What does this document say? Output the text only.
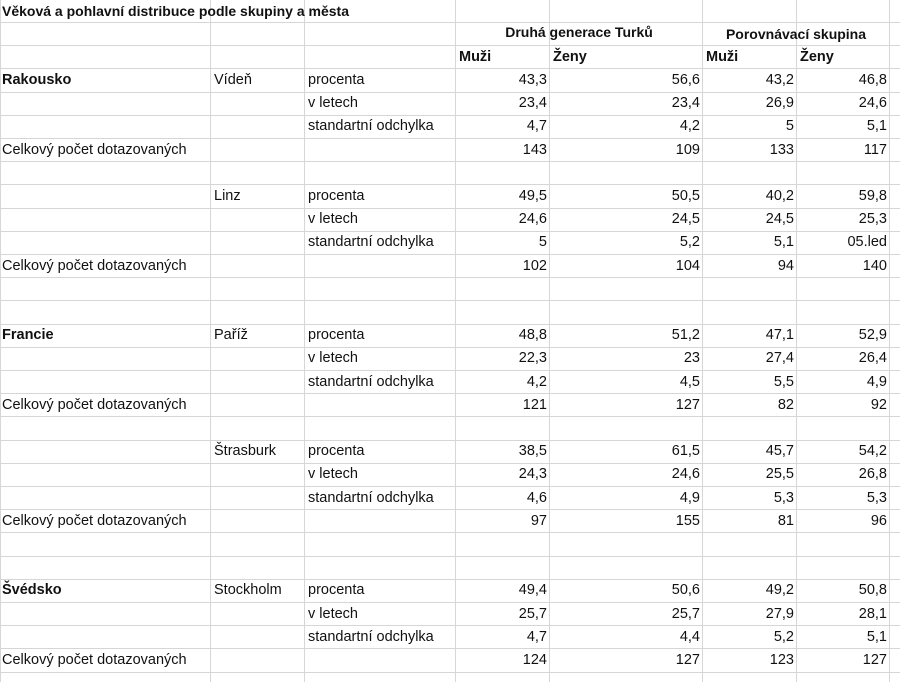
Věková a pohlavní distribuce podle skupiny a města
Druhá generace Turků	Porovnávací skupina
Muži	Ženy	Muži	Ženy
Rakousko	Vídeň	procenta	43,3	56,6	43,2	46,8
v letech	23,4	23,4	26,9	24,6
standartní odchylka	4,7	4,2	5	5,1
Celkový počet dotazovaných	143	109	133	117
Linz	procenta	49,5	50,5	40,2	59,8
v letech	24,6	24,5	24,5	25,3
standartní odchylka	5	5,2	5,1	05.led
Celkový počet dotazovaných	102	104	94	140
Francie	Paříž	procenta	48,8	51,2	47,1	52,9
v letech	22,3	23	27,4	26,4
standartní odchylka	4,2	4,5	5,5	4,9
Celkový počet dotazovaných	121	127	82	92
Štrasburk procenta	38,5	61,5	45,7	54,2
v letech	24,3	24,6	25,5	26,8
standartní odchylka	4,6	4,9	5,3	5,3
Celkový počet dotazovaných	97	155	81	96
Švédsko	Stockholm procenta	49,4	50,6	49,2	50,8
v letech	25,7	25,7	27,9	28,1
standartní odchylka	4,7	4,4	5,2	5,1
Celkový počet dotazovaných	124	127	123	127
